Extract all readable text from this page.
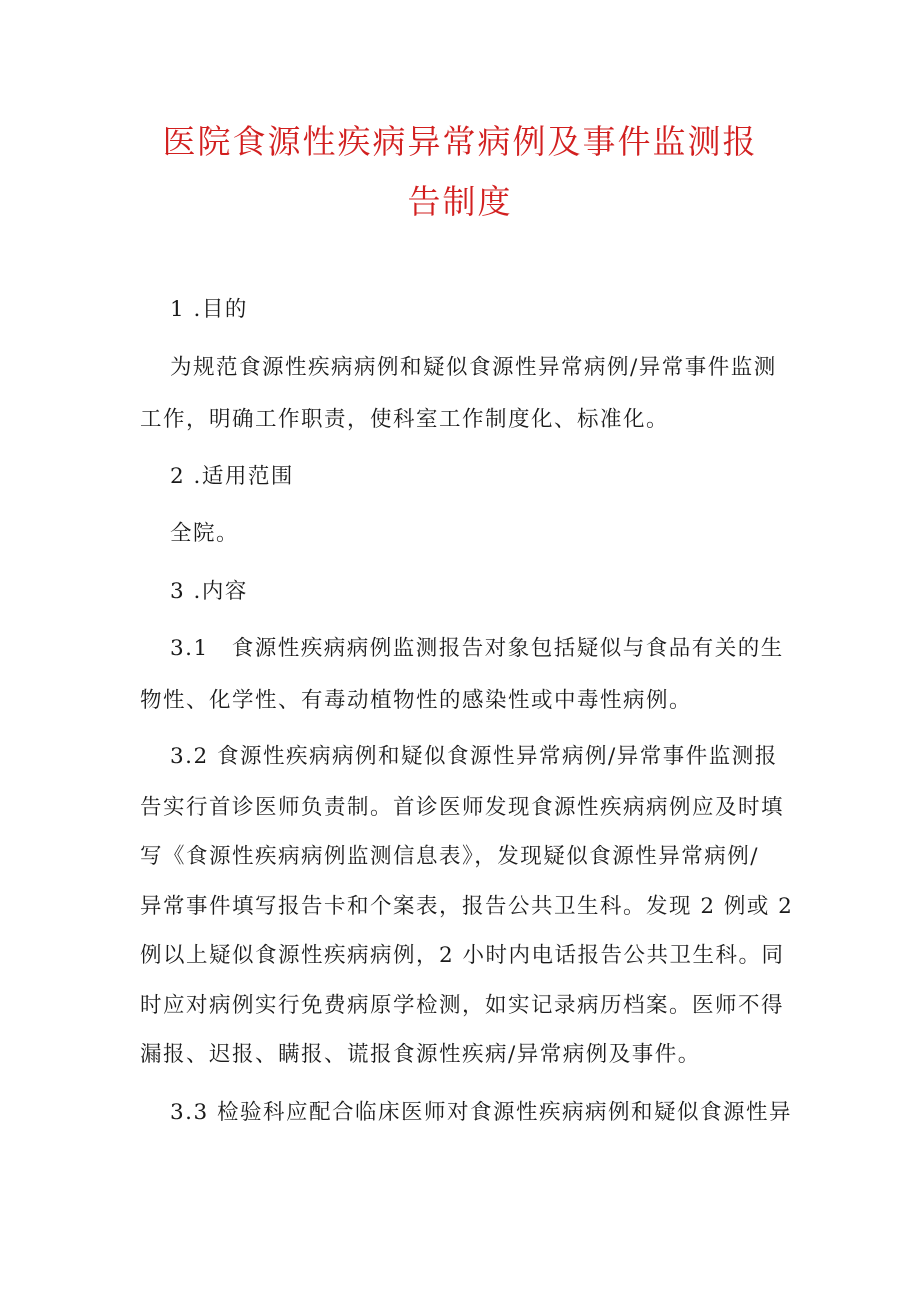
医院食源性疾病异常病例及事件监测报
告制度

1 .目的

为规范食源性疾病病例和疑似食源性异常病例/异常事件监测

工作，明确工作职责，使科室工作制度化、标准化。

2 .适用范围

全院。

3 .内容

3.1　食源性疾病病例监测报告对象包括疑似与食品有关的生

物性、化学性、有毒动植物性的感染性或中毒性病例。

3.2 食源性疾病病例和疑似食源性异常病例/异常事件监测报

告实行首诊医师负责制。首诊医师发现食源性疾病病例应及时填

写《食源性疾病病例监测信息表》，发现疑似食源性异常病例/

异常事件填写报告卡和个案表，报告公共卫生科。发现 2 例或 2

例以上疑似食源性疾病病例，2 小时内电话报告公共卫生科。同

时应对病例实行免费病原学检测，如实记录病历档案。医师不得

漏报、迟报、瞒报、谎报食源性疾病/异常病例及事件。

3.3 检验科应配合临床医师对食源性疾病病例和疑似食源性异
